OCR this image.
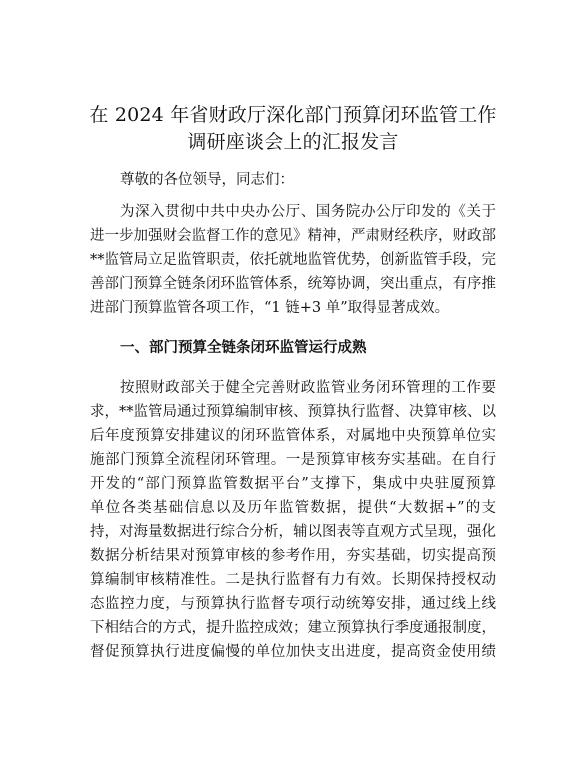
在 2024 年省财政厅深化部门预算闭环监管工作
调研座谈会上的汇报发言
尊敬的各位领导，同志们：
为深入贯彻中共中央办公厅、国务院办公厅印发的《关于
进一步加强财会监督工作的意见》精神，严肃财经秩序，财政部
**监管局立足监管职责，依托就地监管优势，创新监管手段，完
善部门预算全链条闭环监管体系，统筹协调，突出重点，有序推
进部门预算监管各项工作，“1 链+3 单”取得显著成效。
一、部门预算全链条闭环监管运行成熟
按照财政部关于健全完善财政监管业务闭环管理的工作要
求，**监管局通过预算编制审核、预算执行监督、决算审核、以
后年度预算安排建议的闭环监管体系，对属地中央预算单位实
施部门预算全流程闭环管理。一是预算审核夯实基础。在自行
开发的“部门预算监管数据平台”支撑下，集成中央驻厦预算
单位各类基础信息以及历年监管数据，提供“大数据+”的支
持，对海量数据进行综合分析，辅以图表等直观方式呈现，强化
数据分析结果对预算审核的参考作用，夯实基础，切实提高预
算编制审核精准性。二是执行监督有力有效。长期保持授权动
态监控力度，与预算执行监督专项行动统筹安排，通过线上线
下相结合的方式，提升监控成效；建立预算执行季度通报制度，
督促预算执行进度偏慢的单位加快支出进度，提高资金使用绩
